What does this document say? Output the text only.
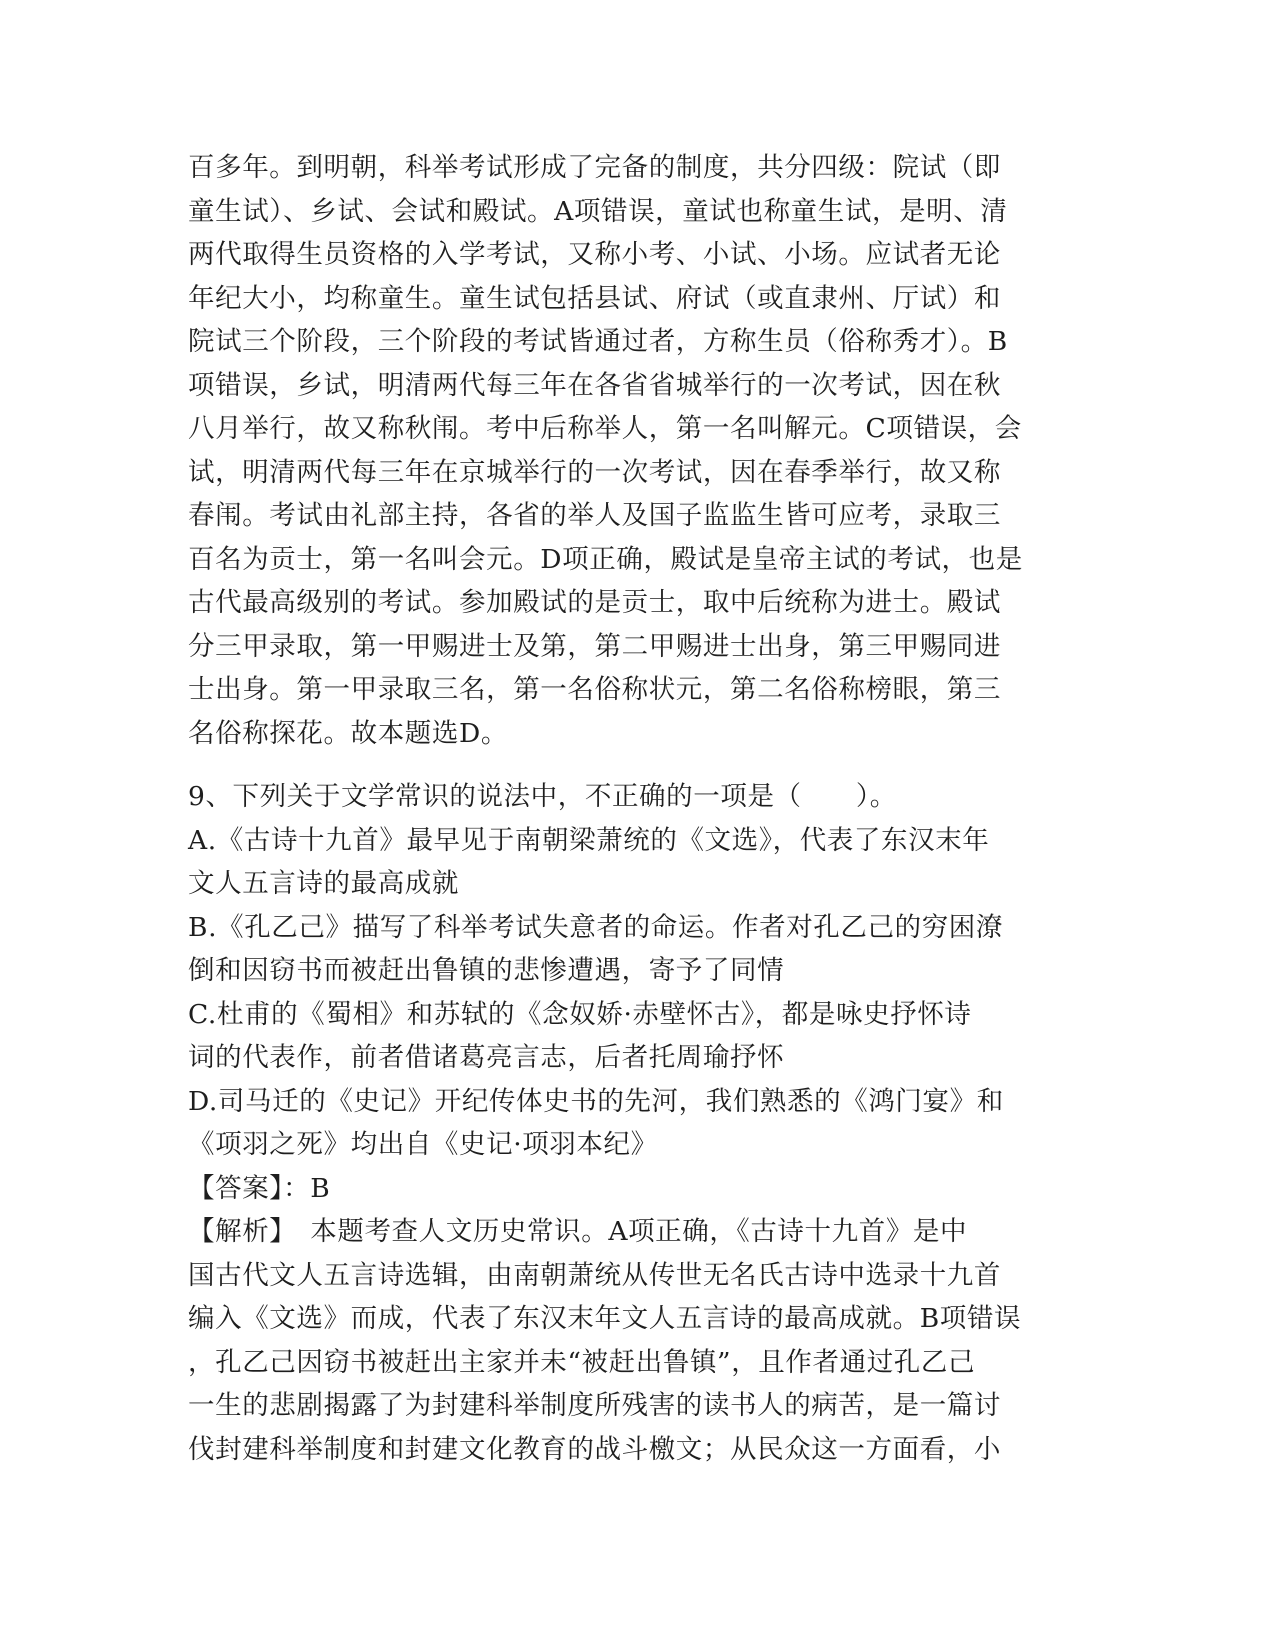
百多年。到明朝，科举考试形成了完备的制度，共分四级：院试（即
童生试）、乡试、会试和殿试。A项错误，童试也称童生试，是明、清
两代取得生员资格的入学考试，又称小考、小试、小场。应试者无论
年纪大小，均称童生。童生试包括县试、府试（或直隶州、厅试）和
院试三个阶段，三个阶段的考试皆通过者，方称生员（俗称秀才）。B
项错误，乡试，明清两代每三年在各省省城举行的一次考试，因在秋
八月举行，故又称秋闱。考中后称举人，第一名叫解元。C项错误，会
试，明清两代每三年在京城举行的一次考试，因在春季举行，故又称
春闱。考试由礼部主持，各省的举人及国子监监生皆可应考，录取三
百名为贡士，第一名叫会元。D项正确，殿试是皇帝主试的考试，也是
古代最高级别的考试。参加殿试的是贡士，取中后统称为进士。殿试
分三甲录取，第一甲赐进士及第，第二甲赐进士出身，第三甲赐同进
士出身。第一甲录取三名，第一名俗称状元，第二名俗称榜眼，第三
名俗称探花。故本题选D。
9、下列关于文学常识的说法中，不正确的一项是（　　）。
A.《古诗十九首》最早见于南朝梁萧统的《文选》，代表了东汉末年
文人五言诗的最高成就
B.《孔乙己》描写了科举考试失意者的命运。作者对孔乙己的穷困潦
倒和因窃书而被赶出鲁镇的悲惨遭遇，寄予了同情
C.杜甫的《蜀相》和苏轼的《念奴娇·赤壁怀古》，都是咏史抒怀诗
词的代表作，前者借诸葛亮言志，后者托周瑜抒怀
D.司马迁的《史记》开纪传体史书的先河，我们熟悉的《鸿门宴》和
《项羽之死》均出自《史记·项羽本纪》
【答案】：B
【解析】　本题考查人文历史常识。A项正确，《古诗十九首》是中
国古代文人五言诗选辑，由南朝萧统从传世无名氏古诗中选录十九首
编入《文选》而成，代表了东汉末年文人五言诗的最高成就。B项错误
，孔乙己因窃书被赶出主家并未“被赶出鲁镇”，且作者通过孔乙己
一生的悲剧揭露了为封建科举制度所残害的读书人的病苦，是一篇讨
伐封建科举制度和封建文化教育的战斗檄文；从民众这一方面看，小
